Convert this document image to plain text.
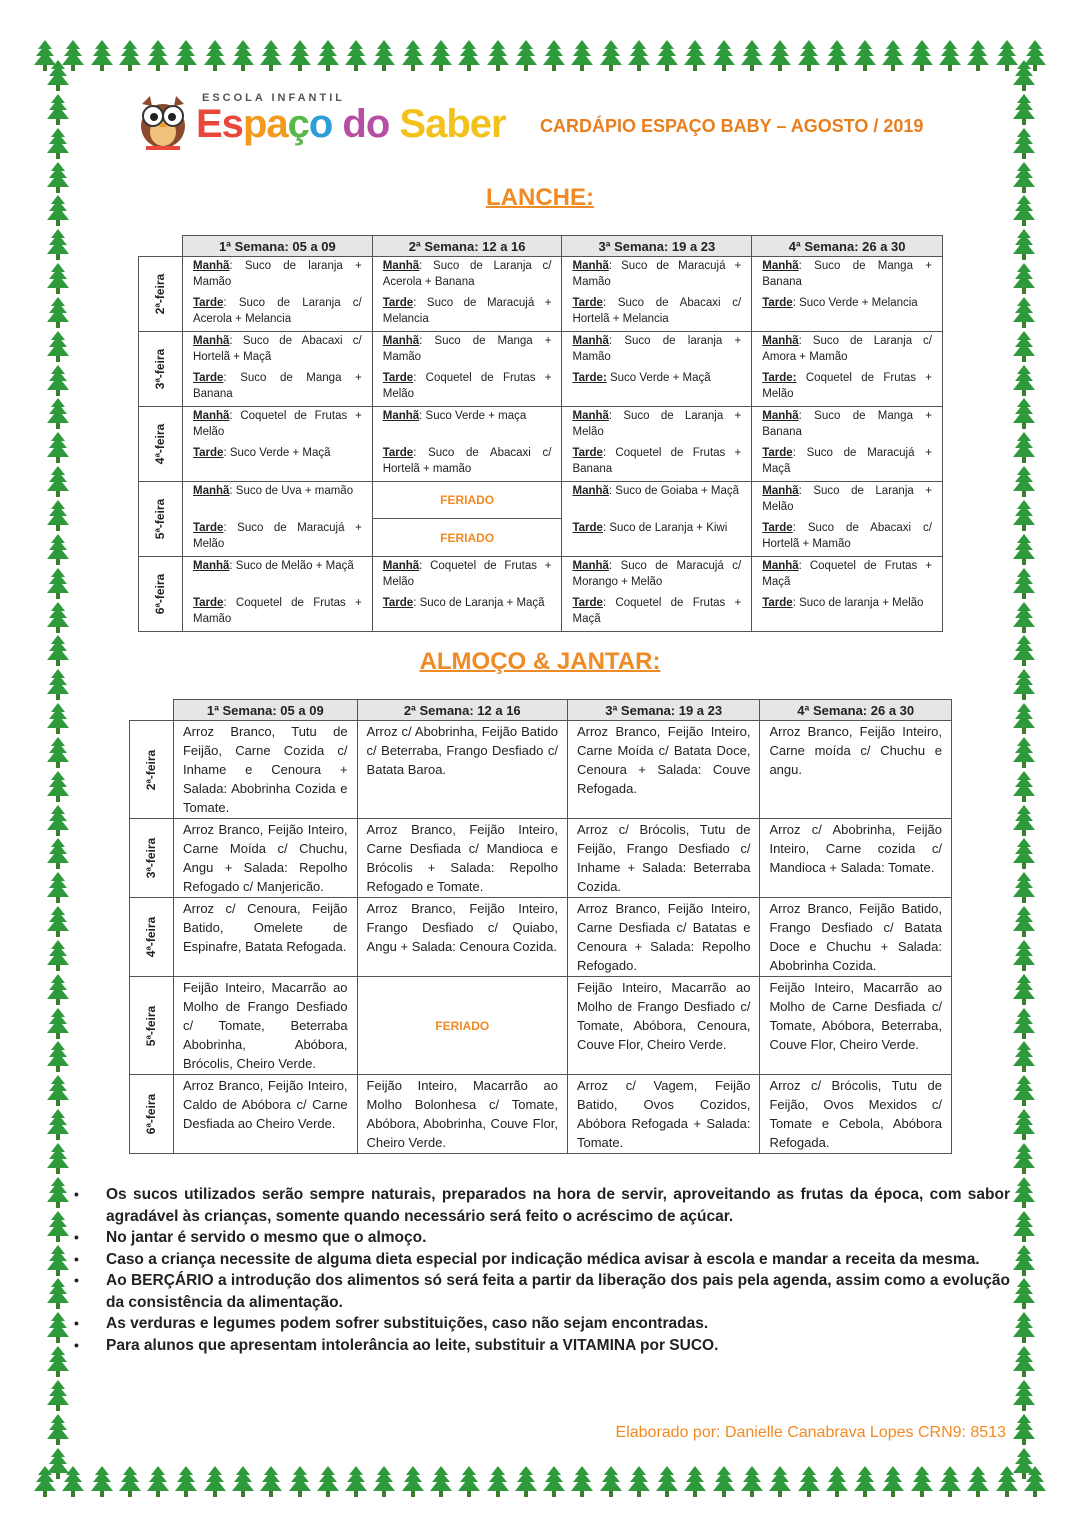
ESCOLA INFANTIL
Espaço do Saber CARDÁPIO ESPAÇO BABY – AGOSTO / 2019
LANCHE:
	1ª Semana: 05 a 09	2ª Semana: 12 a 16	3ª Semana: 19 a 23	4ª Semana: 26 a 30
2ª-feira	Manhã: Suco de laranja + Mamão	Manhã: Suco de Laranja c/ Acerola + Banana	Manhã: Suco de Maracujá + Mamão	Manhã: Suco de Manga + Banana
	Tarde: Suco de Laranja c/ Acerola + Melancia	Tarde: Suco de Maracujá + Melancia	Tarde: Suco de Abacaxi c/ Hortelã + Melancia	Tarde: Suco Verde + Melancia
3ª-feira	Manhã: Suco de Abacaxi c/ Hortelã + Maçã	Manhã: Suco de Manga + Mamão	Manhã: Suco de laranja + Mamão	Manhã: Suco de Laranja c/ Amora + Mamão
	Tarde: Suco de Manga + Banana	Tarde: Coquetel de Frutas + Melão	Tarde: Suco Verde + Maçã	Tarde: Coquetel de Frutas + Melão
4ª-feira	Manhã: Coquetel de Frutas + Melão	Manhã: Suco Verde + maça	Manhã: Suco de Laranja + Melão	Manhã: Suco de Manga + Banana
	Tarde: Suco Verde + Maçã	Tarde: Suco de Abacaxi c/ Hortelã + mamão	Tarde: Coquetel de Frutas + Banana	Tarde: Suco de Maracujá + Maçã
5ª-feira	Manhã: Suco de Uva + mamão	FERIADO	Manhã: Suco de Goiaba + Maçã	Manhã: Suco de Laranja + Melão
	Tarde: Suco de Maracujá + Melão	FERIADO	Tarde: Suco de Laranja + Kiwi	Tarde: Suco de Abacaxi c/ Hortelã + Mamão
6ª-feira	Manhã: Suco de Melão + Maçã	Manhã: Coquetel de Frutas + Melão	Manhã: Suco de Maracujá c/ Morango + Melão	Manhã: Coquetel de Frutas + Maçã
	Tarde: Coquetel de Frutas + Mamão	Tarde: Suco de Laranja + Maçã	Tarde: Coquetel de Frutas + Maçã	Tarde: Suco de laranja + Melão
ALMOÇO & JANTAR:
	1ª Semana: 05 a 09	2ª Semana: 12 a 16	3ª Semana: 19 a 23	4ª Semana: 26 a 30
2ª-feira	Arroz Branco, Tutu de Feijão, Carne Cozida c/ Inhame e Cenoura + Salada: Abobrinha Cozida e Tomate.	Arroz c/ Abobrinha, Feijão Batido c/ Beterraba, Frango Desfiado c/ Batata Baroa.	Arroz Branco, Feijão Inteiro, Carne Moída c/ Batata Doce, Cenoura + Salada: Couve Refogada.	Arroz Branco, Feijão Inteiro, Carne moída c/ Chuchu e angu.
3ª-feira	Arroz Branco, Feijão Inteiro, Carne Moída c/ Chuchu, Angu + Salada: Repolho Refogado c/ Manjericão.	Arroz Branco, Feijão Inteiro, Carne Desfiada c/ Mandioca e Brócolis + Salada: Repolho Refogado e Tomate.	Arroz c/ Brócolis, Tutu de Feijão, Frango Desfiado c/ Inhame + Salada: Beterraba Cozida.	Arroz c/ Abobrinha, Feijão Inteiro, Carne cozida c/ Mandioca + Salada: Tomate.
4ª-feira	Arroz c/ Cenoura, Feijão Batido, Omelete de Espinafre, Batata Refogada.	Arroz Branco, Feijão Inteiro, Frango Desfiado c/ Quiabo, Angu + Salada: Cenoura Cozida.	Arroz Branco, Feijão Inteiro, Carne Desfiada c/ Batatas e Cenoura + Salada: Repolho Refogado.	Arroz Branco, Feijão Batido, Frango Desfiado c/ Batata Doce e Chuchu + Salada: Abobrinha Cozida.
5ª-feira	Feijão Inteiro, Macarrão ao Molho de Frango Desfiado c/ Tomate, Beterraba Abobrinha, Abóbora, Brócolis, Cheiro Verde.	FERIADO	Feijão Inteiro, Macarrão ao Molho de Frango Desfiado c/ Tomate, Abóbora, Cenoura, Couve Flor, Cheiro Verde.	Feijão Inteiro, Macarrão ao Molho de Carne Desfiada c/ Tomate, Abóbora, Beterraba, Couve Flor, Cheiro Verde.
6ª-feira	Arroz Branco, Feijão Inteiro, Caldo de Abóbora c/ Carne Desfiada ao Cheiro Verde.	Feijão Inteiro, Macarrão ao Molho Bolonhesa c/ Tomate, Abóbora, Abobrinha, Couve Flor, Cheiro Verde.	Arroz c/ Vagem, Feijão Batido, Ovos Cozidos, Abóbora Refogada + Salada: Tomate.	Arroz c/ Brócolis, Tutu de Feijão, Ovos Mexidos c/ Tomate e Cebola, Abóbora Refogada.
• Os sucos utilizados serão sempre naturais, preparados na hora de servir, aproveitando as frutas da época, com sabor agradável às crianças, somente quando necessário será feito o acréscimo de açúcar.
• No jantar é servido o mesmo que o almoço.
• Caso a criança necessite de alguma dieta especial por indicação médica avisar à escola e mandar a receita da mesma.
• Ao BERÇÁRIO a introdução dos alimentos só será feita a partir da liberação dos pais pela agenda, assim como a evolução da consistência da alimentação.
• As verduras e legumes podem sofrer substituições, caso não sejam encontradas.
• Para alunos que apresentam intolerância ao leite, substituir a VITAMINA por SUCO.
Elaborado por: Danielle Canabrava Lopes CRN9: 8513
